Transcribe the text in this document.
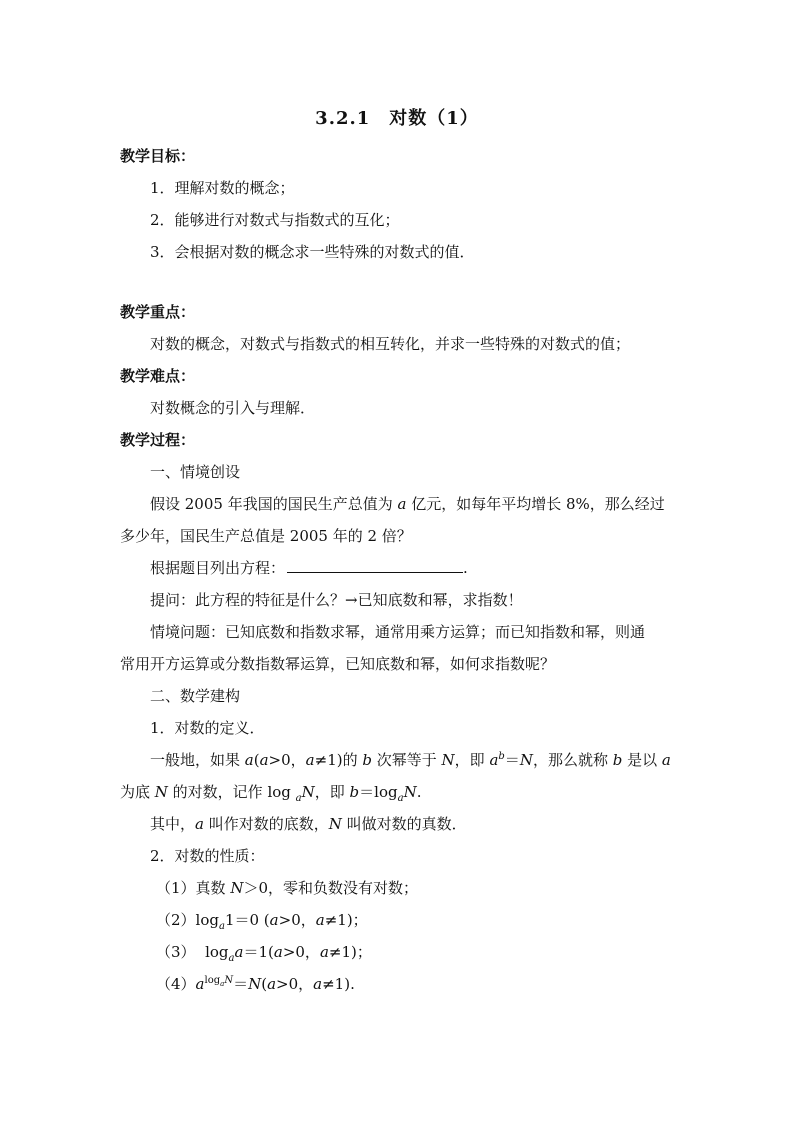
3.2.1　对数（1）
教学目标：
1．理解对数的概念；
2．能够进行对数式与指数式的互化；
3．会根据对数的概念求一些特殊的对数式的值．
教学重点：
对数的概念，对数式与指数式的相互转化，并求一些特殊的对数式的值；
教学难点：
对数概念的引入与理解．
教学过程：
一、情境创设
假设 2005 年我国的国民生产总值为 a 亿元，如每年平均增长 8%，那么经过
多少年，国民生产总值是 2005 年的 2 倍？
根据题目列出方程：	.
提问：此方程的特征是什么？→已知底数和幂，求指数！
情境问题：已知底数和指数求幂，通常用乘方运算；而已知指数和幂，则通
常用开方运算或分数指数幂运算，已知底数和幂，如何求指数呢？
二、数学建构
1．对数的定义．
一般地，如果 a(a>0，a≠1)的 b 次幂等于 N，即 $a^b=N$，那么就称 b 是以 a
为底 N 的对数，记作 log $_a$N，即 $b=\log_aN$.
其中，a 叫作对数的底数，N 叫做对数的真数．
2．对数的性质：
（1）真数 N＞0，零和负数没有对数；
$(2)\log_a1=0$ (a>0，a≠1)；
（3） $\log_aa=1(a>0$，a≠1)；
$(4)a^{log_aN}=N(a>0$，a≠1).
